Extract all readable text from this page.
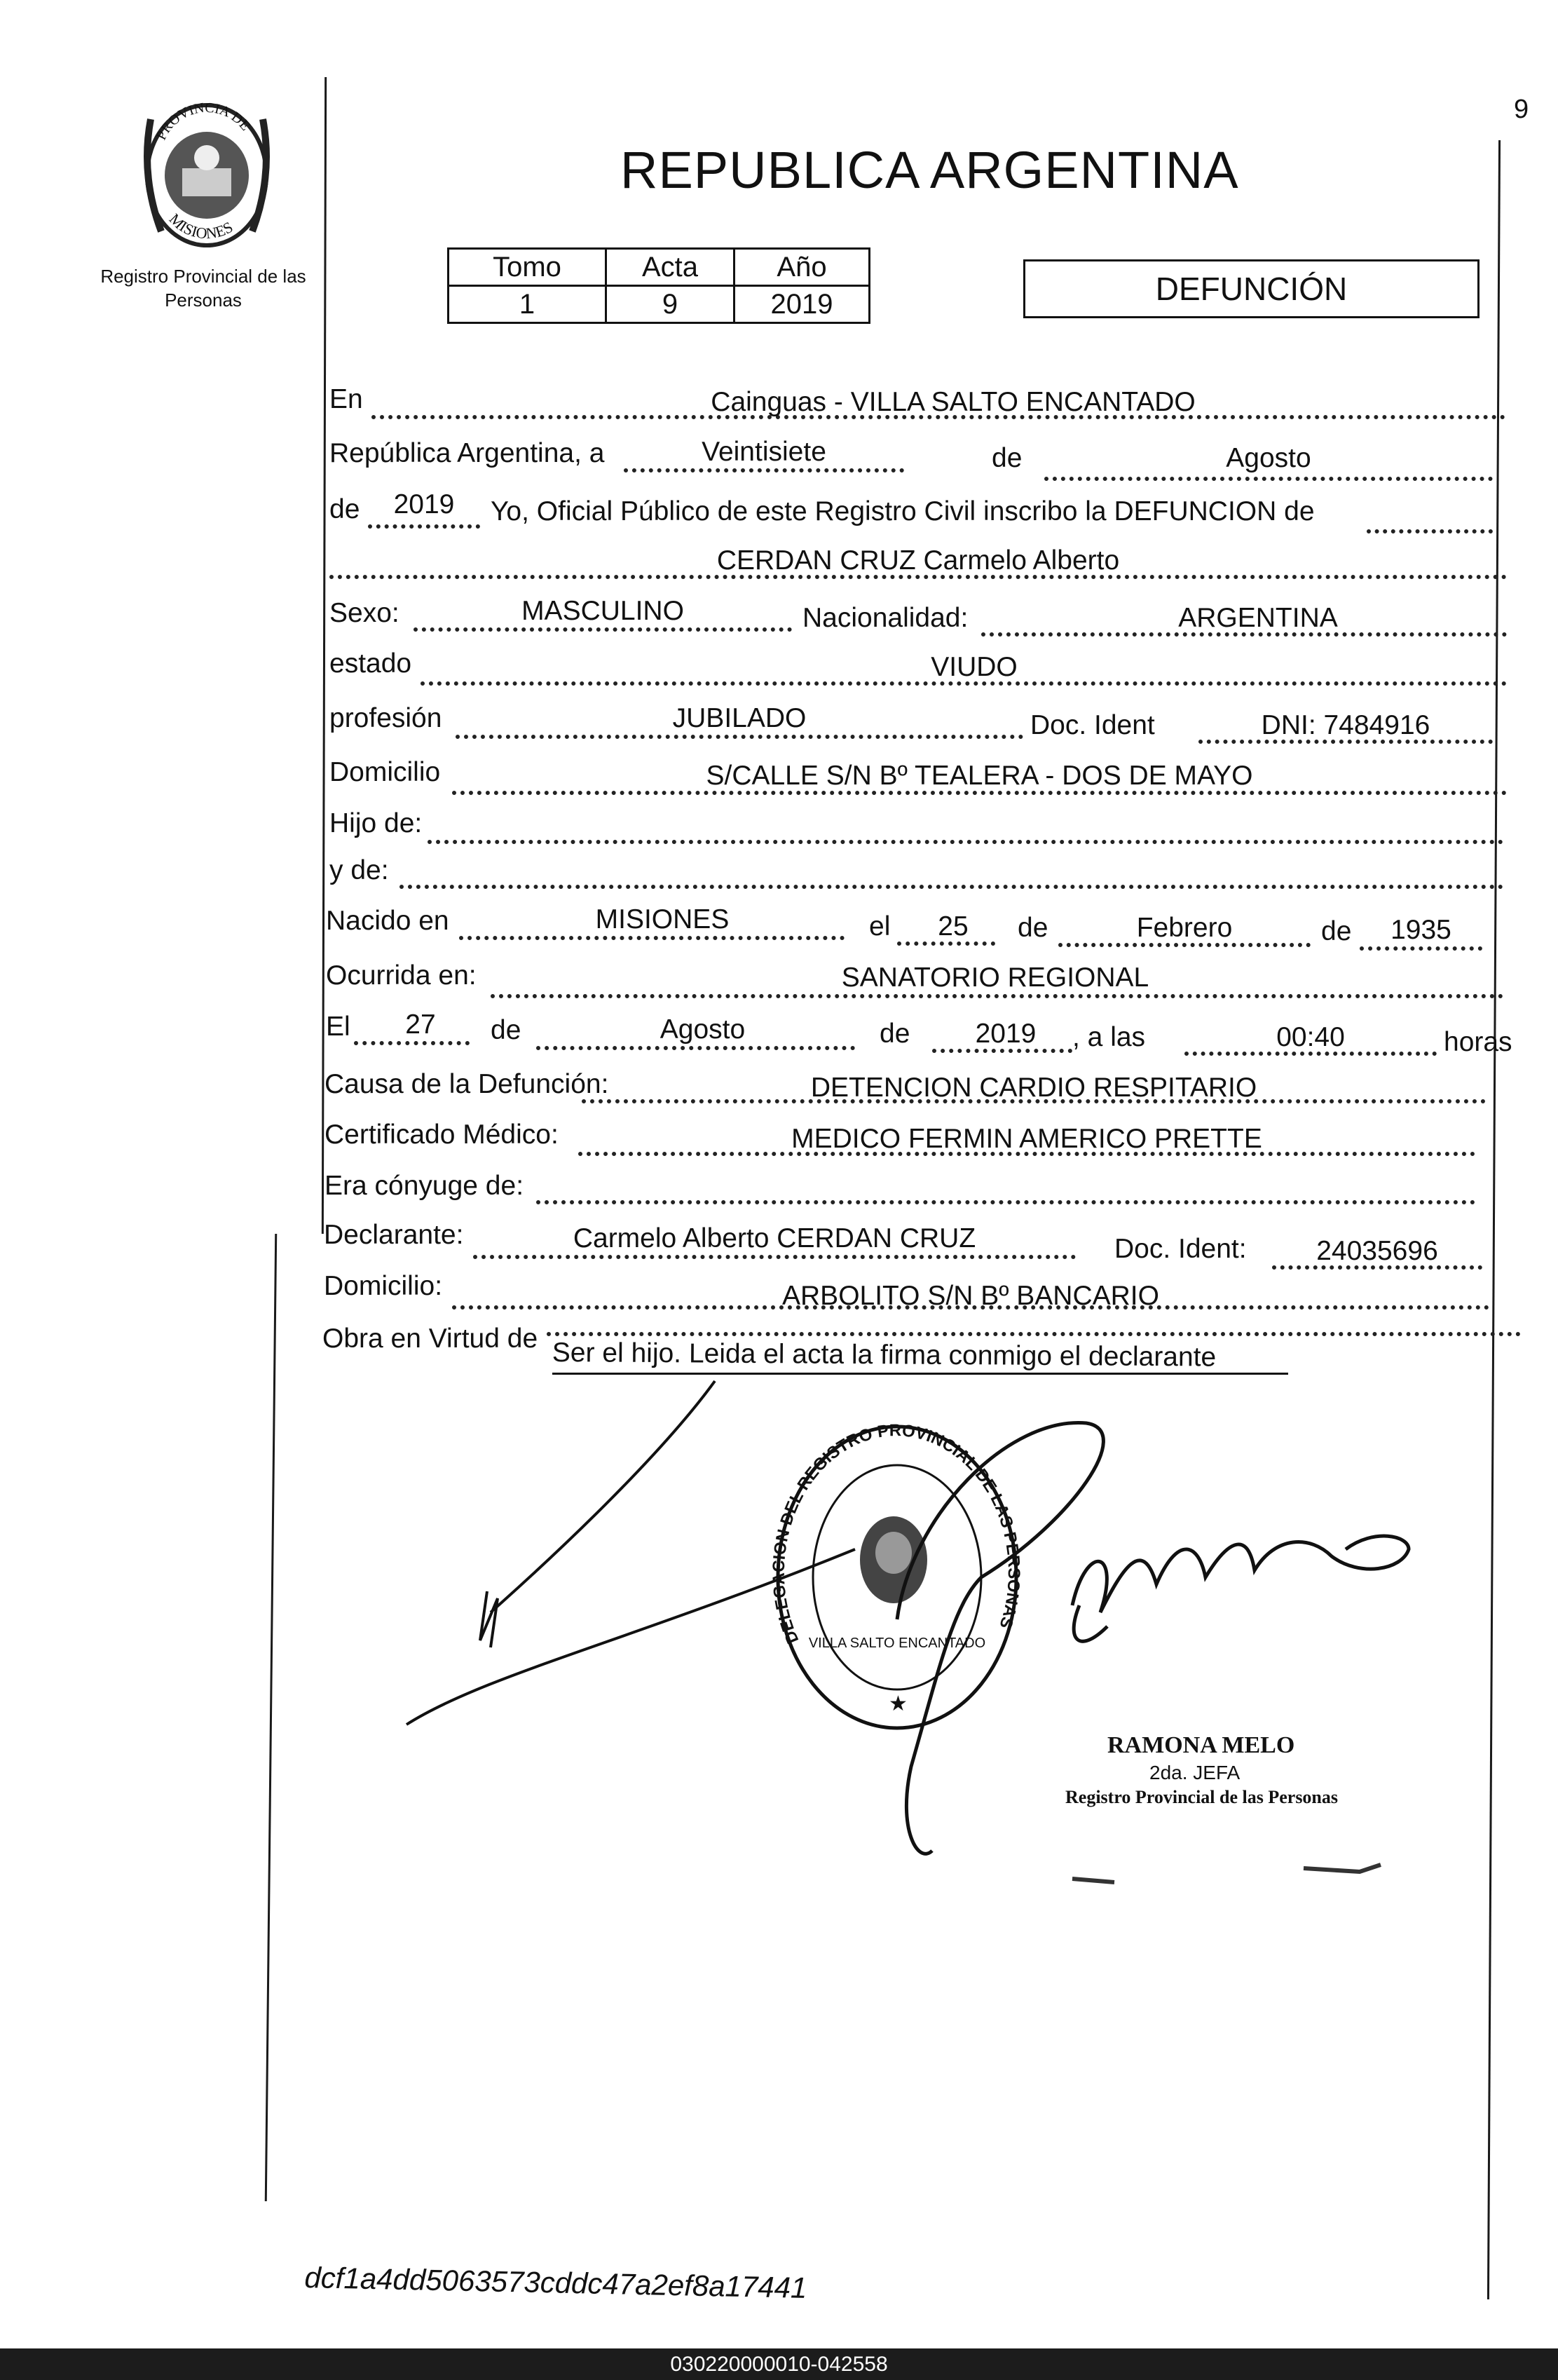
9
PROVINCIA DE
MISIONES
Registro Provincial de las Personas
REPUBLICA ARGENTINA
Tomo	Acta	Año
1	9	2019	DEFUNCIÓN
En	Cainguas - VILLA SALTO ENCANTADO
República Argentina, a	Veintisiete	de	Agosto
de	2019	Yo, Oficial Público de este Registro Civil inscribo la DEFUNCION de
CERDAN CRUZ Carmelo Alberto
Sexo:	MASCULINO	Nacionalidad:	ARGENTINA
estado	VIUDO
profesión	JUBILADO	Doc. Ident	DNI: 7484916
Domicilio	S/CALLE S/N Bº TEALERA - DOS DE MAYO
Hijo de:
y de:
Nacido en	MISIONES	el	25	de	Febrero	de	1935
Ocurrida en:	SANATORIO REGIONAL
El	27	de	Agosto	de	2019	, a las	00:40	horas
Causa de la Defunción:	DETENCION CARDIO RESPITARIO
Certificado Médico:	MEDICO FERMIN AMERICO PRETTE
Era cónyuge de:
Declarante:	Carmelo Alberto CERDAN CRUZ	Doc. Ident:	24035696
Domicilio:	ARBOLITO S/N Bº BANCARIO
Obra en Virtud de Ser el hijo. Leida el acta la firma conmigo el declarante
DELEGACION DEL REGISTRO PROVINCIAL DE LAS PERSONAS
VILLA SALTO ENCANTADO
★
RAMONA MELO
2da. JEFA
Registro Provincial de las Personas
dcf1a4dd5063573cddc47a2ef8a17441
030220000010-042558
